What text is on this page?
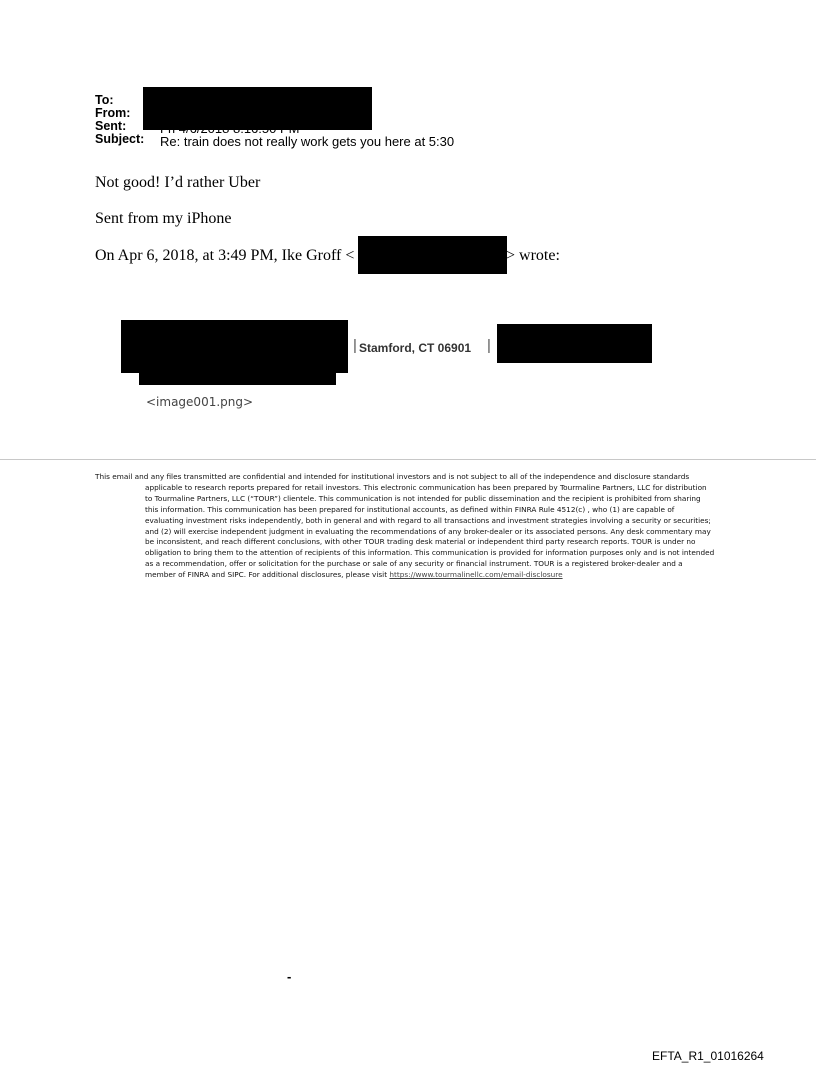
To:
From:
Sent:
Subject: Re: train does not really work gets you here at 5:30
Not good! I’d rather Uber
Sent from my iPhone
On Apr 6, 2018, at 3:49 PM, Ike Groff <	> wrote:
| Stamford, CT 06901 |
<image001.png>
This email and any files transmitted are confidential and intended for institutional investors and is not subject to all of the independence and disclosure standards applicable to research reports prepared for retail investors. This electronic communication has been prepared by Tourmaline Partners, LLC for distribution to Tourmaline Partners, LLC (“TOUR”) clientele. This communication is not intended for public dissemination and the recipient is prohibited from sharing this information. This communication has been prepared for institutional accounts, as defined within FINRA Rule 4512(c) , who (1) are capable of evaluating investment risks independently, both in general and with regard to all transactions and investment strategies involving a security or securities; and (2) will exercise independent judgment in evaluating the recommendations of any broker-dealer or its associated persons. Any desk commentary may be inconsistent, and reach different conclusions, with other TOUR trading desk material or independent third party research reports. TOUR is under no obligation to bring them to the attention of recipients of this information. This communication is provided for information purposes only and is not intended as a recommendation, offer or solicitation for the purchase or sale of any security or financial instrument. TOUR is a registered broker-dealer and a member of FINRA and SIPC. For additional disclosures, please visit https://www.tourmalinellc.com/email-disclosure
-
EFTA_R1_01016264
